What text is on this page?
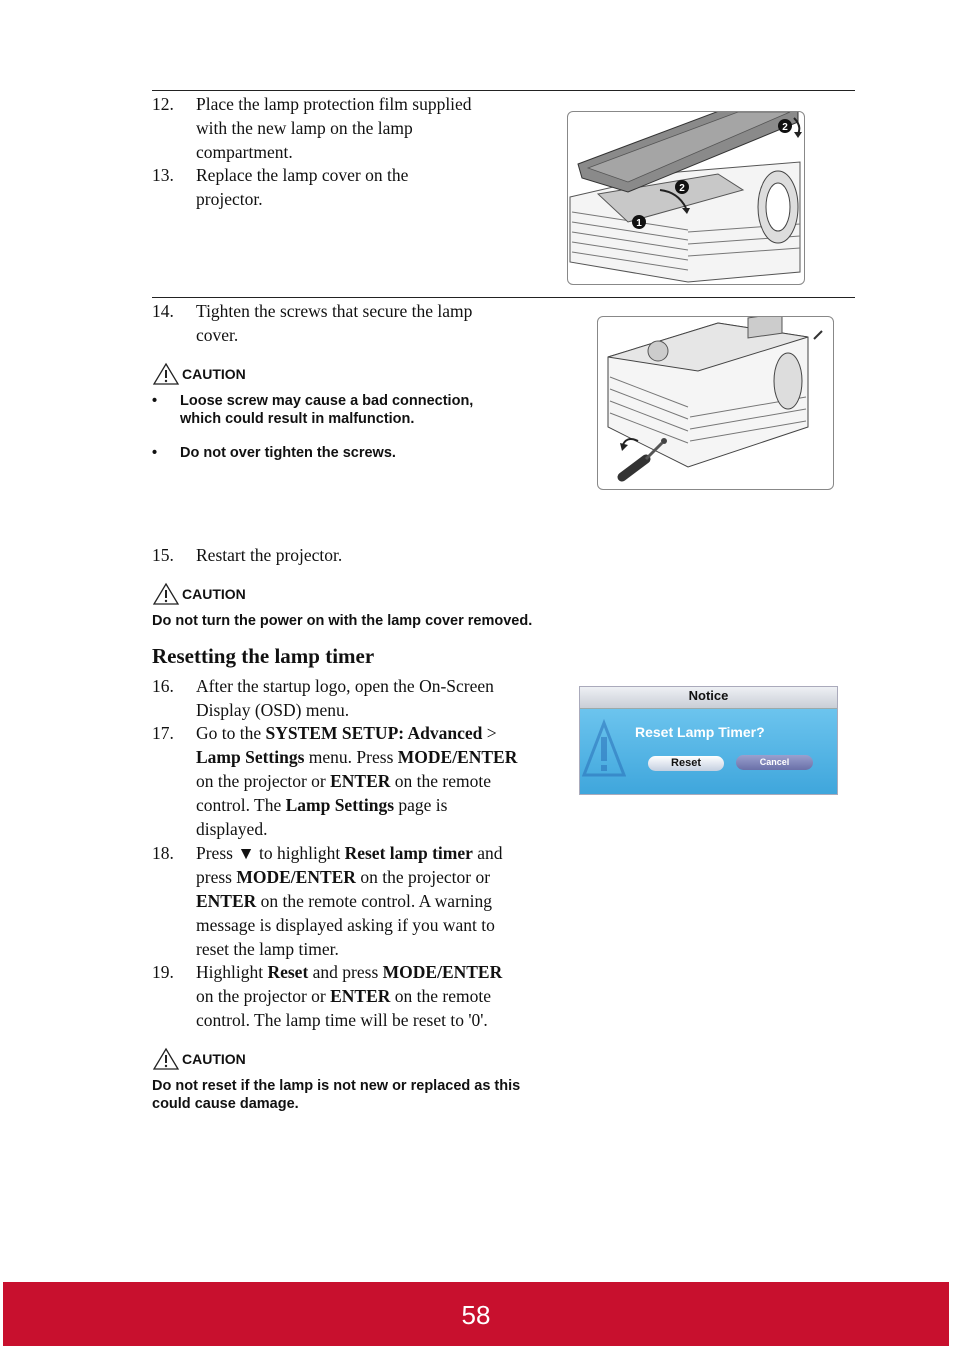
12. Place the lamp protection film supplied
with the new lamp on the lamp
compartment.
13. Replace the lamp cover on the
projector.
2
2
1
14. Tighten the screws that secure the lamp
cover.
CAUTION
• Loose screw may cause a bad connection,
which could result in malfunction.
• Do not over tighten the screws.
15. Restart the projector.
CAUTION
Do not turn the power on with the lamp cover removed.
Resetting the lamp timer
16. After the startup logo, open the On-Screen
Display (OSD) menu.
17. Go to the SYSTEM SETUP: Advanced >
Lamp Settings menu. Press MODE/ENTER
on the projector or ENTER on the remote
control. The Lamp Settings page is
displayed.
18. Press ▼ to highlight Reset lamp timer and
press MODE/ENTER on the projector or
ENTER on the remote control. A warning
message is displayed asking if you want to
reset the lamp timer.
19. Highlight Reset and press MODE/ENTER
on the projector or ENTER on the remote
control. The lamp time will be reset to '0'.
CAUTION
Do not reset if the lamp is not new or replaced as this
could cause damage.
Notice
Reset Lamp Timer?
Reset	Cancel
58
